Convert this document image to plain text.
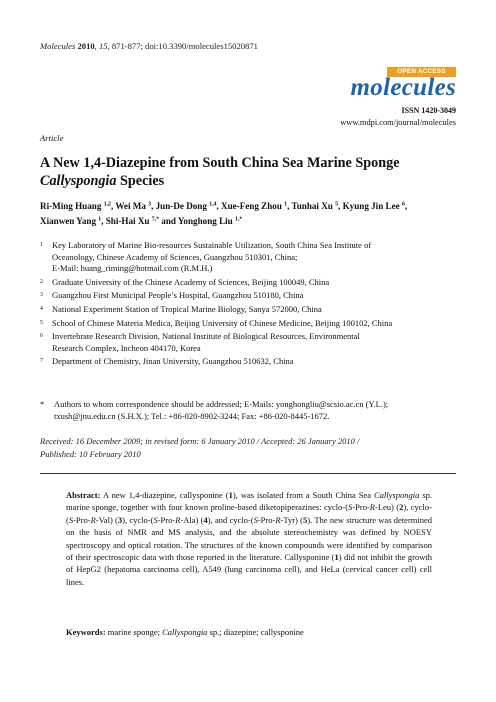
Molecules 2010, 15, 871-877; doi:10.3390/molecules15020871
OPEN ACCESS
molecules
ISSN 1420-3049
www.mdpi.com/journal/molecules
Article
A New 1,4-Diazepine from South China Sea Marine Sponge
Callyspongia Species
Ri-Ming Huang $^{1,2}$, Wei Ma $^3$, Jun-De Dong $^{1,4}$, Xue-Feng Zhou $^1$, Tunhai Xu $^5$, Kyung Jin Lee $^6$,
Xianwen Yang $^1$, Shi-Hai Xu $^{7,*}$ and Yonghong Liu $^{1,*}$
1	Key Laboratory of Marine Bio-resources Sustainable Utilization, South China Sea Institute of
Oceanology, Chinese Academy of Sciences, Guangzhou 510301, China;
E-Mail: huang_riming@hotmail.com (R.M.H.)
2	Graduate University of the Chinese Academy of Sciences, Beijing 100049, China
3	Guangzhou First Municipal People’s Hospital, Guangzhou 510180, China
4	National Experiment Station of Tropical Marine Biology, Sanya 572000, China
5	School of Chinese Materia Medica, Beijing University of Chinese Medicine, Beijing 100102, China
6	Invertebrate Research Division, National Institute of Biological Resources, Environmental
Research Complex, Incheon 404170, Korea
7	Department of Chemistry, Jinan University, Guangzhou 510632, China
*	Authors to whom correspondence should be addressed; E-Mails: yonghongliu@scsio.ac.cn (Y.L.);
txush@jnu.edu.cn (S.H.X.); Tel.: +86-020-8902-3244; Fax: +86-020-8445-1672.
Received: 16 December 2009; in revised form: 6 January 2010 / Accepted: 26 January 2010 /
Published: 10 February 2010
Abstract: A new 1,4-diazepine, callysponine (1), was isolated from a South China Sea Callyspongia sp. marine sponge, together with four known proline-based diketopiperazines: cyclo-(S-Pro-R-Leu) (2), cyclo-(S-Pro-R-Val) (3), cyclo-(S-Pro-R-Ala) (4), and cyclo-(S-Pro-R-Tyr) (5). The new structure was determined on the basis of NMR and MS analysis, and the absolute stereochemistry was defined by NOESY spectroscopy and optical rotation. The structures of the known compounds were identified by comparison of their spectroscopic data with those reported in the literature. Callysponine (1) did not inhibit the growth of HepG2 (hepatoma carcinoma cell), A549 (lung carcinoma cell), and HeLa (cervical cancer cell) cell lines.
Keywords: marine sponge; Callyspongia sp.; diazepine; callysponine
